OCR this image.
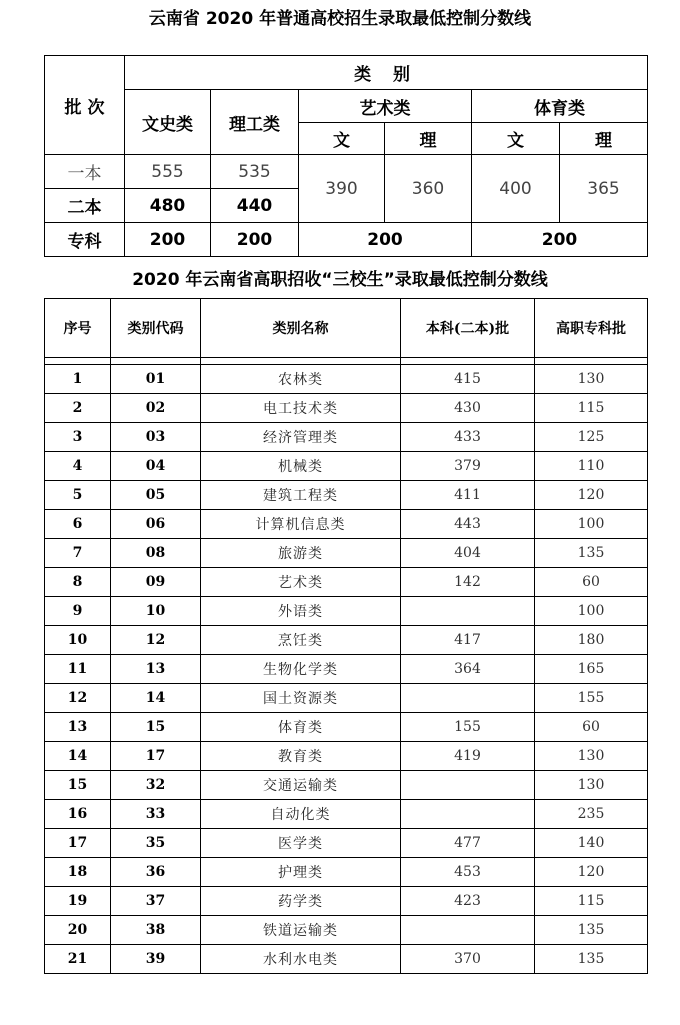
云南省 2020 年普通高校招生录取最低控制分数线
批 次	类 别					
	文史类	理工类	艺术类		体育类	
			文	理	文	理
一本	555	535	390	360	400	365
二本	480	440				
专科	200	200	200		200	
2020 年云南省高职招收“三校生”录取最低控制分数线
序号	类别代码	类别名称	本科(二本)批	高职专科批

1	01	农林类	415	130
2	02	电工技术类	430	115
3	03	经济管理类	433	125
4	04	机械类	379	110
5	05	建筑工程类	411	120
6	06	计算机信息类	443	100
7	08	旅游类	404	135
8	09	艺术类	142	60
9	10	外语类		100
10	12	烹饪类	417	180
11	13	生物化学类	364	165
12	14	国土资源类		155
13	15	体育类	155	60
14	17	教育类	419	130
15	32	交通运输类		130
16	33	自动化类		235
17	35	医学类	477	140
18	36	护理类	453	120
19	37	药学类	423	115
20	38	铁道运输类		135
21	39	水利水电类	370	135
